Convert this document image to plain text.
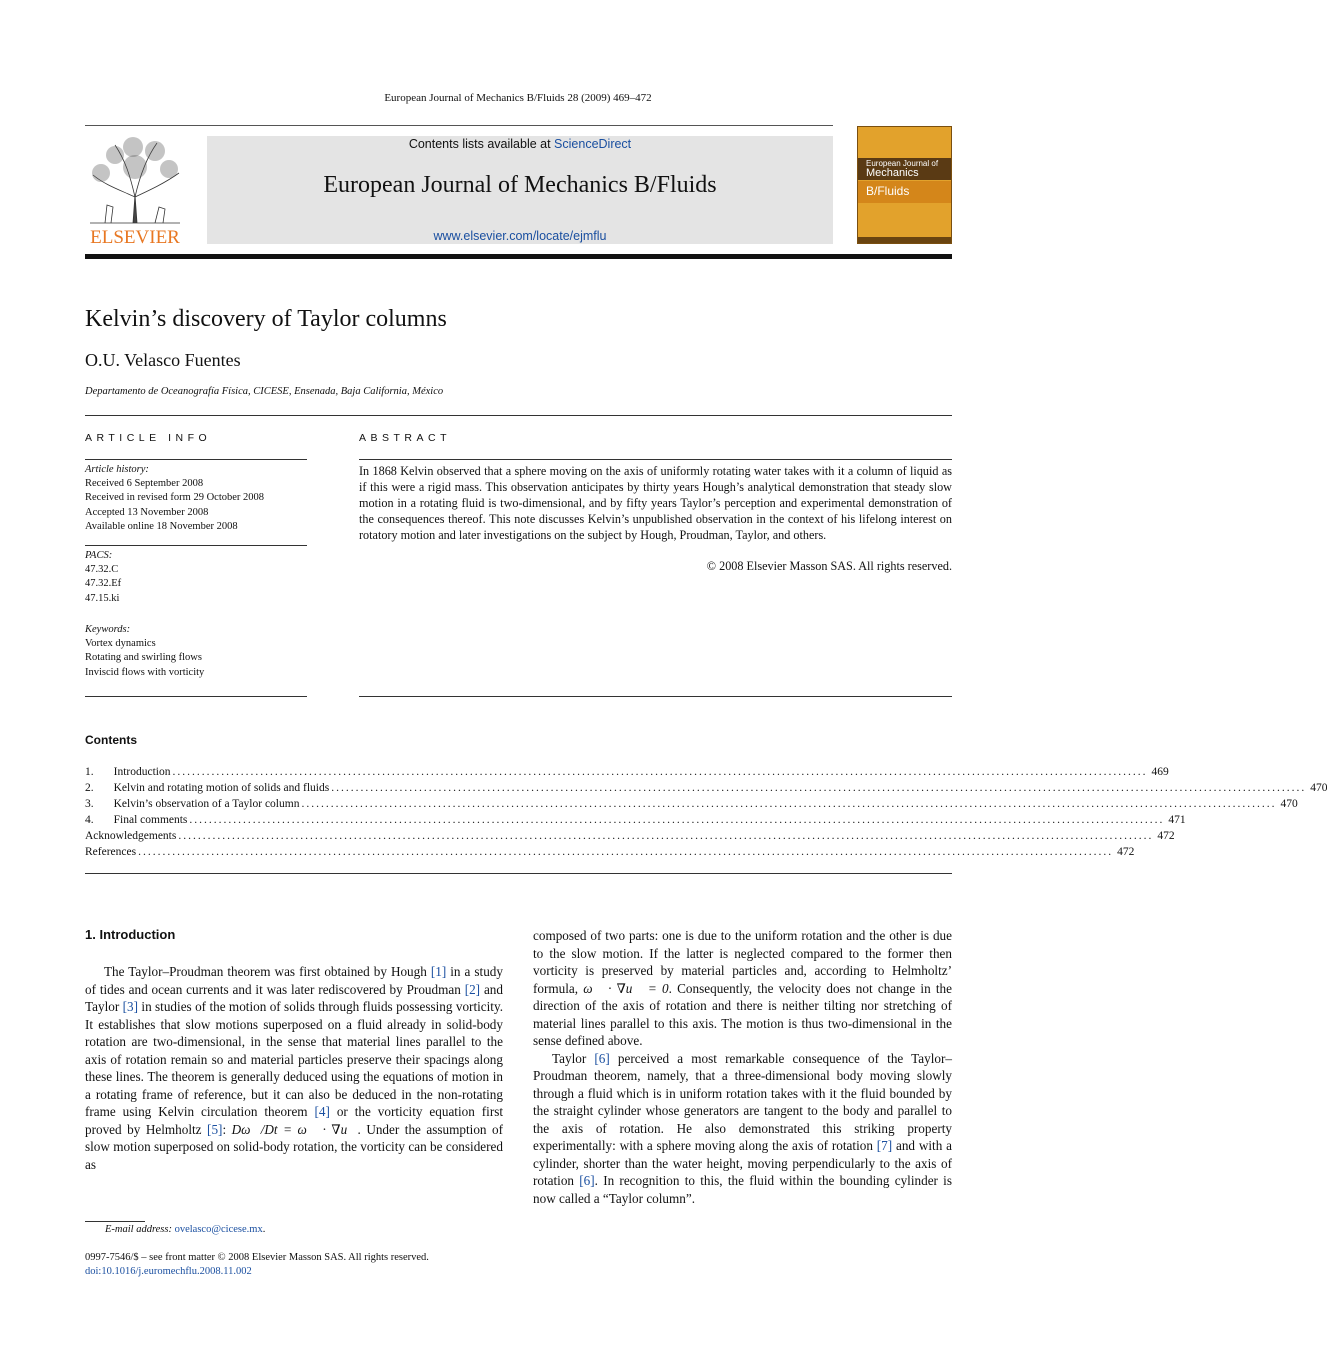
European Journal of Mechanics B/Fluids 28 (2009) 469–472
ELSEVIER
Contents lists available at ScienceDirect
European Journal of Mechanics B/Fluids
www.elsevier.com/locate/ejmflu
European Journal of
Mechanics
B/Fluids
Kelvin’s discovery of Taylor columns
O.U. Velasco Fuentes
Departamento de Oceanografía Física, CICESE, Ensenada, Baja California, México
ARTICLE INFO	ABSTRACT
Article history:
Received 6 September 2008
Received in revised form 29 October 2008
Accepted 13 November 2008
Available online 18 November 2008
PACS:
47.32.C
47.32.Ef
47.15.ki
Keywords:
Vortex dynamics
Rotating and swirling flows
Inviscid flows with vorticity
In 1868 Kelvin observed that a sphere moving on the axis of uniformly rotating water takes with it a column of liquid as if this were a rigid mass. This observation anticipates by thirty years Hough’s analytical demonstration that steady slow motion in a rotating fluid is two-dimensional, and by fifty years Taylor’s perception and experimental demonstration of the consequences thereof. This note discusses Kelvin’s unpublished observation in the context of his lifelong interest on rotatory motion and later investigations on the subject by Hough, Proudman, Taylor, and others.
© 2008 Elsevier Masson SAS. All rights reserved.
Contents
1. Introduction ........................................................................................................................................................................................................ 469
2. Kelvin and rotating motion of solids and fluids ........................................................................................................................................................................................................ 470
3. Kelvin’s observation of a Taylor column ........................................................................................................................................................................................................ 470
4. Final comments ........................................................................................................................................................................................................ 471
Acknowledgements ........................................................................................................................................................................................................ 472
References ........................................................................................................................................................................................................ 472
1. Introduction

The Taylor–Proudman theorem was first obtained by Hough [1] in a study of tides and ocean currents and it was later rediscovered by Proudman [2] and Taylor [3] in studies of the motion of solids through fluids possessing vorticity. It establishes that slow motions superposed on a fluid already in solid-body rotation are two-dimensional, in the sense that material lines parallel to the axis of rotation remain so and material particles preserve their spacings along these lines. The theorem is generally deduced using the equations of motion in a rotating frame of reference, but it can also be deduced in the non-rotating frame using Kelvin circulation theorem [4] or the vorticity equation first proved by Helmholtz [5]: Dω⃗/Dt = ω⃗ · ∇u⃗. Under the assumption of slow motion superposed on solid-body rotation, the vorticity can be considered as

composed of two parts: one is due to the uniform rotation and the other is due to the slow motion. If the latter is neglected compared to the former then vorticity is preserved by material particles and, according to Helmholtz’ formula, ω⃗ · ∇u⃗ = 0. Consequently, the velocity does not change in the direction of the axis of rotation and there is neither tilting nor stretching of material lines parallel to this axis. The motion is thus two-dimensional in the sense defined above.

Taylor [6] perceived a most remarkable consequence of the Taylor–Proudman theorem, namely, that a three-dimensional body moving slowly through a fluid which is in uniform rotation takes with it the fluid bounded by the straight cylinder whose generators are tangent to the body and parallel to the axis of rotation. He also demonstrated this striking property experimentally: with a sphere moving along the axis of rotation [7] and with a cylinder, shorter than the water height, moving perpendicularly to the axis of rotation [6]. In recognition to this, the fluid within the bounding cylinder is now called a “Taylor column”.

E-mail address: ovelasco@cicese.mx.
0997-7546/$ – see front matter © 2008 Elsevier Masson SAS. All rights reserved.
doi:10.1016/j.euromechflu.2008.11.002
